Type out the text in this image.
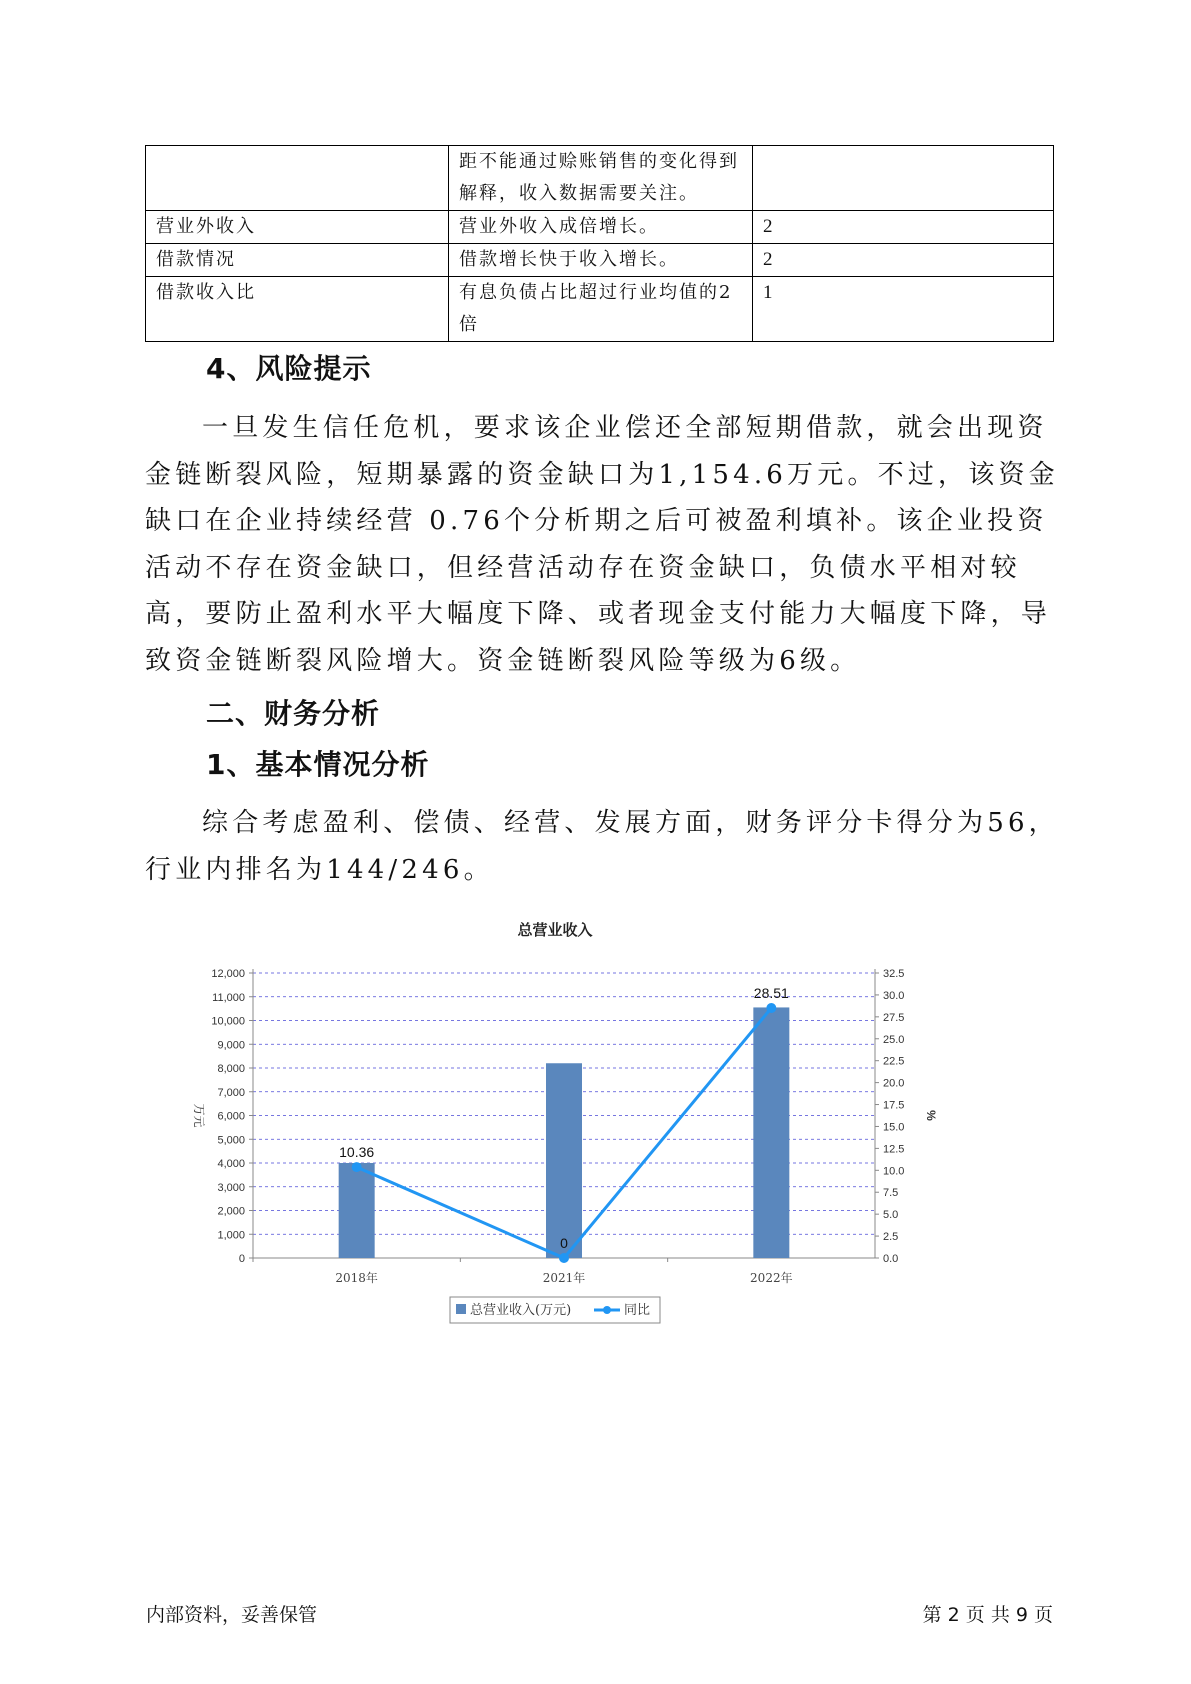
	距不能通过赊账销售的变化得到解释，收入数据需要关注。	
营业外收入	营业外收入成倍增长。	2
借款情况	借款增长快于收入增长。	2
借款收入比	有息负债占比超过行业均值的2倍	1
4、风险提示

一旦发生信任危机，要求该企业偿还全部短期借款，就会出现资金链断裂风险，短期暴露的资金缺口为1,154.6万元。不过，该资金缺口在企业持续经营 0.76个分析期之后可被盈利填补。该企业投资活动不存在资金缺口，但经营活动存在资金缺口，负债水平相对较高，要防止盈利水平大幅度下降、或者现金支付能力大幅度下降，导致资金链断裂风险增大。资金链断裂风险等级为6级。

二、财务分析
1、基本情况分析

综合考虑盈利、偿债、经营、发展方面，财务评分卡得分为56，行业内排名为144/246。

总营业收入
0
1,000
2,000
3,000
4,000
5,000
6,000
7,000
8,000
9,000
10,000
11,000
12,000
0.0
2.5
5.0
7.5
10.0
12.5
15.0
17.5
20.0
22.5
25.0
27.5
30.0
32.5
万元	%
2018年	2021年	2022年
10.36
0
28.51
总营业收入(万元)	同比
内部资料，妥善保管	第 2 页 共 9 页
